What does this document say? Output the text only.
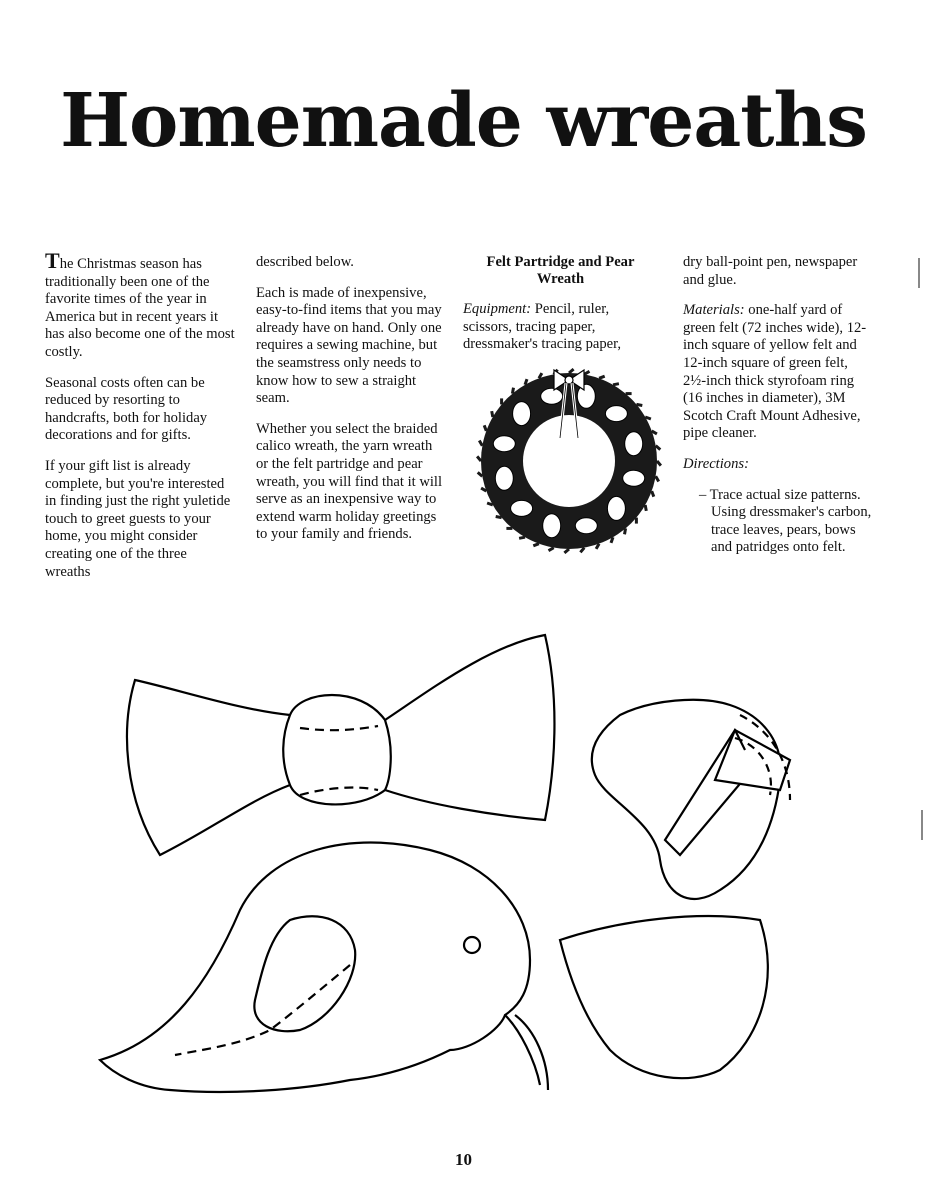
Homemade wreaths

The Christmas season has traditionally been one of the favorite times of the year in America but in recent years it has also become one of the most costly.

Seasonal costs often can be reduced by resorting to handcrafts, both for holiday decorations and for gifts.

If your gift list is already complete, but you're interested in finding just the right yuletide touch to greet guests to your home, you might consider creating one of the three wreaths

described below.

Each is made of inexpensive, easy-to-find items that you may already have on hand. Only one requires a sewing machine, but the seamstress only needs to know how to sew a straight seam.

Whether you select the braided calico wreath, the yarn wreath or the felt partridge and pear wreath, you will find that it will serve as an inexpensive way to extend warm holiday greetings to your family and friends.

Felt Partridge and Pear Wreath

Equipment: Pencil, ruler, scissors, tracing paper, dressmaker's tracing paper,

dry ball-point pen, newspaper and glue.

Materials: one-half yard of green felt (72 inches wide), 12-inch square of yellow felt and 12-inch square of green felt, 2½-inch thick styrofoam ring (16 inches in diameter), 3M Scotch Craft Mount Adhesive, pipe cleaner.

Directions:

– Trace actual size patterns. Using dressmaker's carbon, trace leaves, pears, bows and patridges onto felt.

10
